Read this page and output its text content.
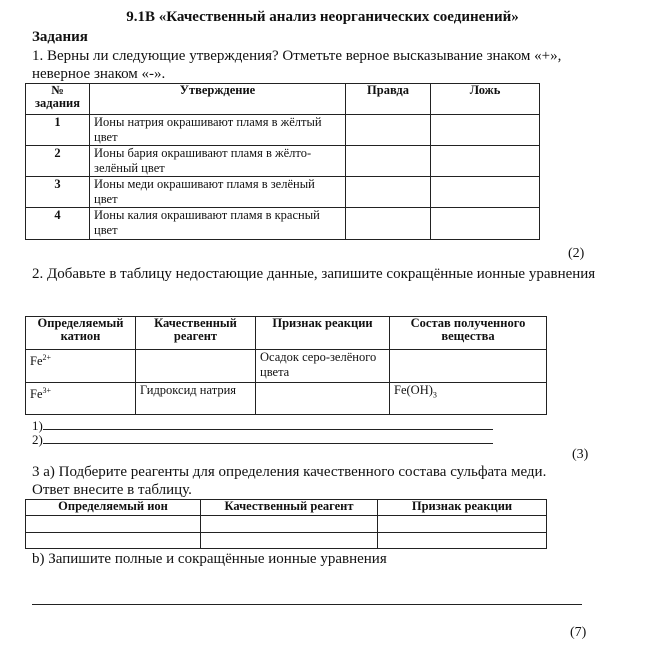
9.1В «Качественный анализ неорганических соединений»
Задания
1. Верны ли следующие утверждения? Отметьте верное высказывание знаком «+», неверное знаком «-».
№ задания	Утверждение	Правда	Ложь
1	Ионы натрия окрашивают пламя в жёлтый цвет		
2	Ионы бария окрашивают пламя в жёлто-зелёный цвет		
3	Ионы меди окрашивают пламя в зелёный цвет		
4	Ионы калия окрашивают пламя в красный цвет		
(2)
2. Добавьте в таблицу недостающие данные, запишите сокращённые ионные уравнения
Определяемый катион	Качественный реагент	Признак реакции	Состав полученного вещества
$Fe^{2+}$		Осадок серо-зелёного цвета	
$Fe^{3+}$	Гидроксид натрия		$Fe(OH)_3$
1)
2)
(3)
3 а) Подберите реагенты для определения качественного состава сульфата меди. Ответ внесите в таблицу.
Определяемый ион	Качественный реагент	Признак реакции

b) Запишите полные и сокращённые ионные уравнения
(7)
